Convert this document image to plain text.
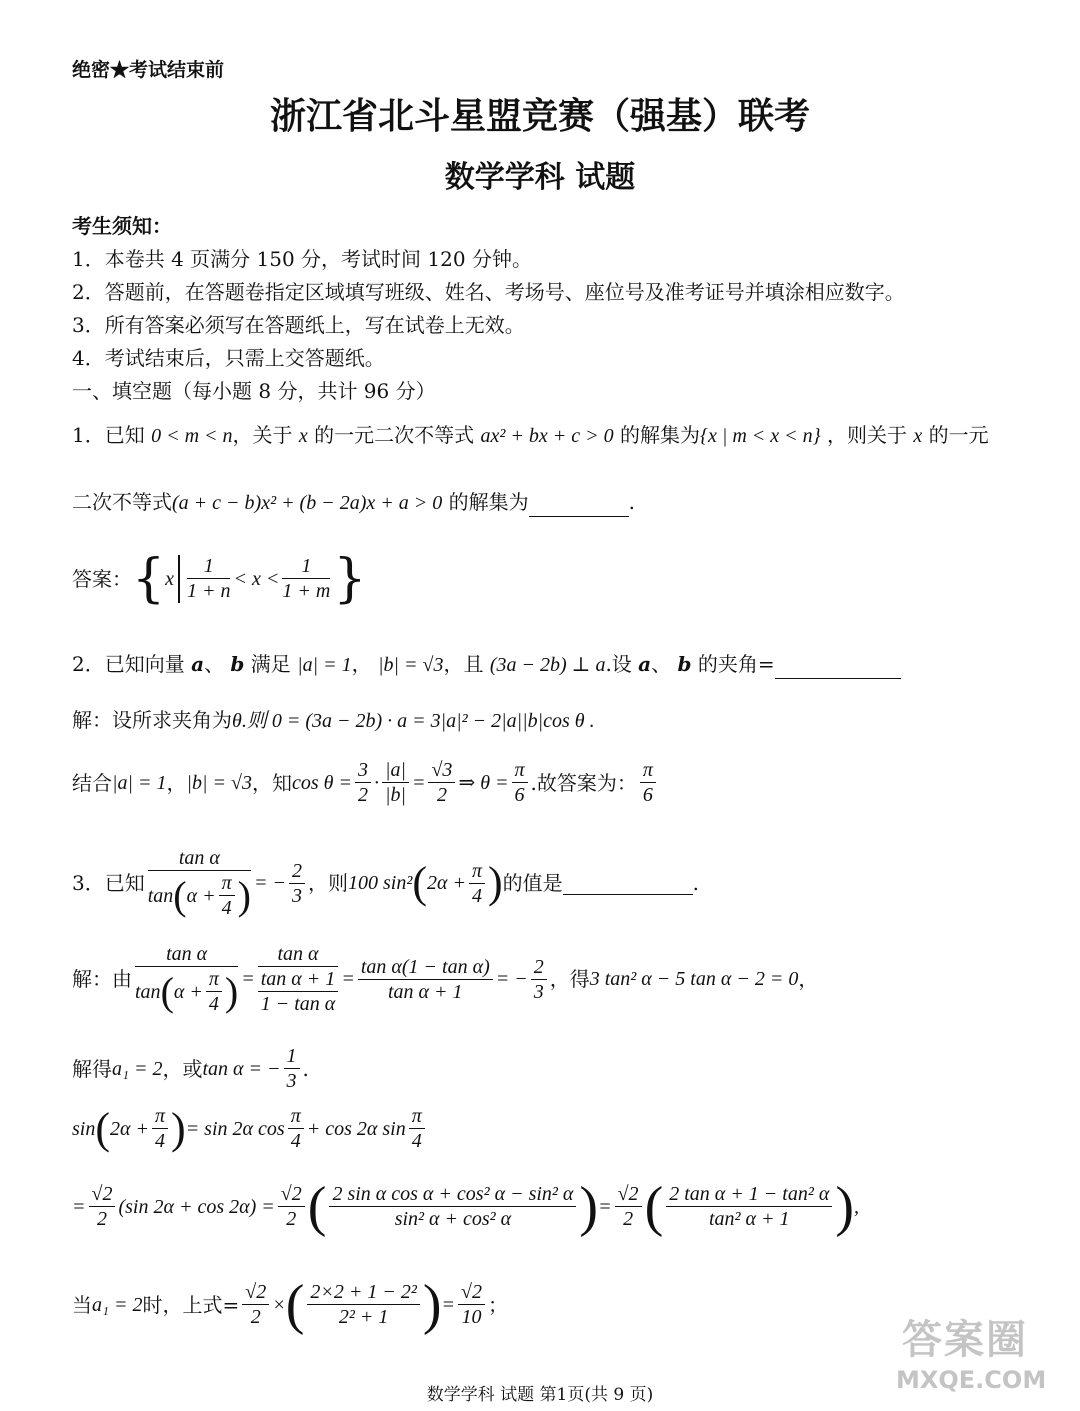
绝密★考试结束前
浙江省北斗星盟竞赛（强基）联考
数学学科 试题
考生须知：
1．本卷共 4 页满分 150 分，考试时间 120 分钟。
2．答题前，在答题卷指定区域填写班级、姓名、考场号、座位号及准考证号并填涂相应数字。
3．所有答案必须写在答题纸上，写在试卷上无效。
4．考试结束后，只需上交答题纸。
一、填空题（每小题 8 分，共计 96 分）
1．已知 0 < m < n，关于 x 的一元二次不等式 ax² + bx + c > 0 的解集为{x | m < x < n} ，则关于 x 的一元
二次不等式(a + c − b)x² + (b − 2a)x + a > 0 的解集为	.
答案： { x $\frac{1}{1 + n} < x < \frac{1}{1 + m}$ }
2．已知向量 a、 b 满足 |a| = 1， |b| = √3，且 (3a − 2b) ⊥ a.设 a、 b 的夹角=
解：设所求夹角为θ.则 0 = (3a − 2b) · a = 3|a|² − 2|a||b|cos θ .
结合 |a| = 1 ， |b| = √3 ，知 $\cos \theta = \frac{3}{2} \cdot \frac{|a|}{|b|} = \frac{√3}{2}$ ⇒ $\theta = \frac{\pi}{6}$ .故答案为： $\frac{\pi}{6}$
3． 已知 $\frac{\text{tan α}}{\tan ( \alpha + \frac{\pi}{4} )}$ = − $\frac{2}{3}$ ，则 100 sin² ( $2\alpha + \frac{\pi}{4}$ ) 的值是	.
解：由 $\frac{\text{tan α}}{\tan ( \alpha + \frac{\pi}{4} )} = \frac{\text{tan α}}{\frac{\text{tan α + 1}}{\text{1 − tan α}}} = \frac{\text{tan α(1 − tan α)}}{\text{tan α + 1}}$ = − $\frac{2}{3}$ ，得 3 tan² α − 5 tan α − 2 = 0 ，
解得 a₁ = 2 ，或 tan α = − $\frac{1}{3}$ .
sin ( $2\alpha + \frac{\pi}{4}$ ) = sin 2α $\cos \frac{\pi}{4} + \cos 2\alpha$ $\sin \frac{\pi}{4}$
= $\frac{√2}{2} (\sin$ $2\alpha + \cos 2\alpha) = \frac{√2}{2}$ ( $\frac{\text{2 sin α cos α + cos² α − sin² α}}{\text{sin² α + cos² α}}$ ) = $\frac{√2}{2}$ ( $\frac{\text{2 tan α + 1 − tan² α}}{\text{tan² α + 1}}$ ) ,
当 a₁ = 2 时，上式= $\frac{√2}{2}$ × ( $\frac{\text{2×2 + 1 − 2²}}{\text{2² + 1}}$ ) = $\frac{√2}{10}$ ；
答案圈
MXQE.COM
数学学科 试题 第1页(共 9 页)
